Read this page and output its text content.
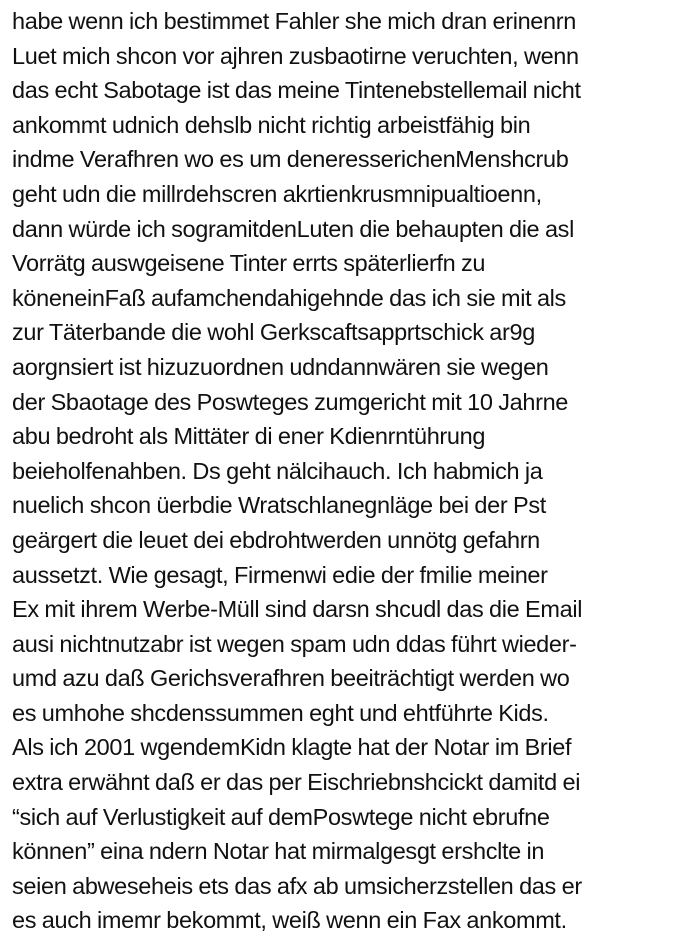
habe wenn ich bestimmet Fahler she mich dran erinenrn
Luet mich shcon vor ajhren zusbaotirne veruchten, wenn
das echt Sabotage ist das meine Tintenebstellemail nicht
ankommt udnich dehslb nicht richtig arbeistfähig bin
indme Verafhren wo es um deneresserichenMenshcrub
geht udn die millrdehscren akrtienkrusmnipualtioenn,
dann würde ich sogramitdenLuten die behaupten die asl
Vorrätg auswgeisene Tinter errts späterlierfn zu
köneneinFaß aufamchendahigehnde das ich sie mit als
zur Täterbande die wohl Gerkscaftsapprtschick ar9g
aorgnsiert ist hizuzuordnen udndannwären sie wegen
der Sbaotage des Poswteges zumgericht mit 10 Jahrne
abu bedroht als Mittäter di ener Kdienrntührung
beieholfenahben. Ds geht nälcihauch. Ich habmich ja
nuelich shcon üerbdie Wratschlanegnläge bei der Pst
geärgert die leuet dei ebdrohtwerden unnötg gefahrn
aussetzt. Wie gesagt, Firmenwi edie der fmilie meiner
Ex mit ihrem Werbe-Müll sind darsn shcudl das die Email
ausi nichtnutzabr ist wegen spam udn ddas führt wieder-
umd azu daß Gerichsverafhren beeiträchtigt werden wo
es umhohe shcdenssummen eght und ehtführte Kids.
Als ich 2001 wgendemKidn klagte hat der Notar im Brief
extra erwähnt daß er das per Eischriebnshcickt damitd ei
“sich auf Verlustigkeit auf demPoswtege nicht ebrufne
können” eina ndern Notar hat mirmalgesgt ershclte in
seien abweseheis ets das afx ab umsicherzstellen das er
es auch imemr bekommt, weiß wenn ein Fax ankommt.
